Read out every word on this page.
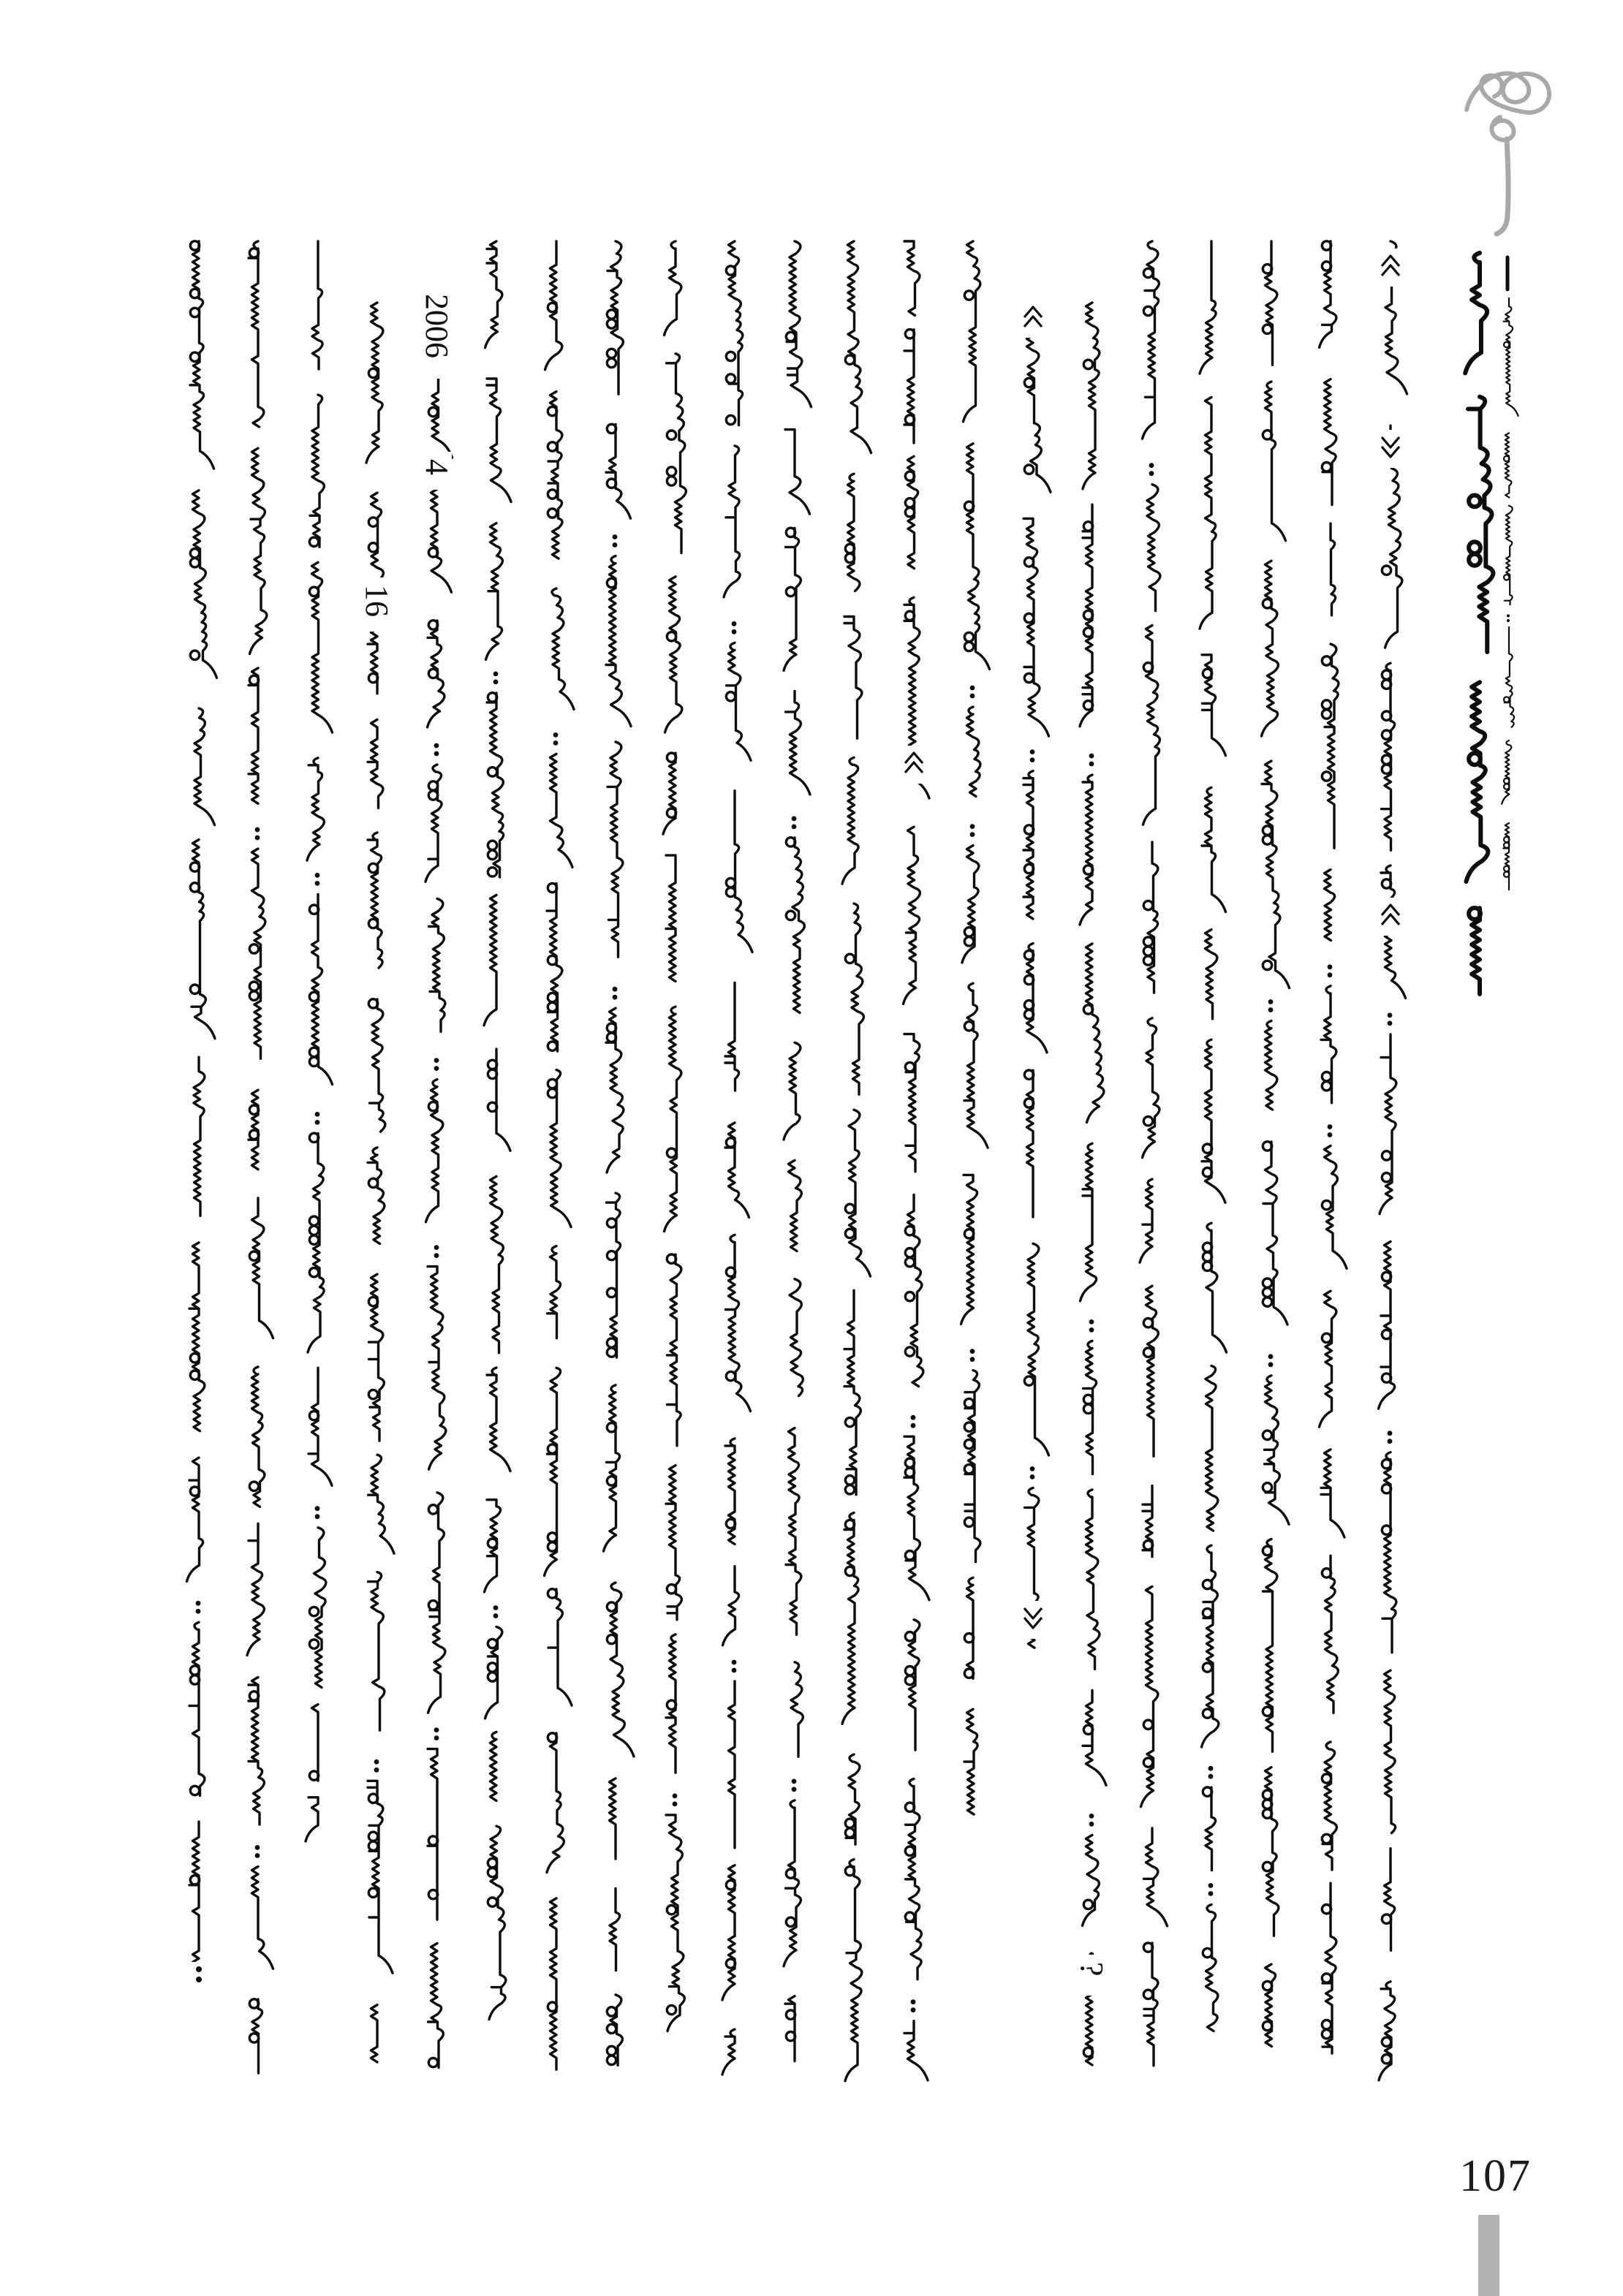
16
2006
4
?
107
